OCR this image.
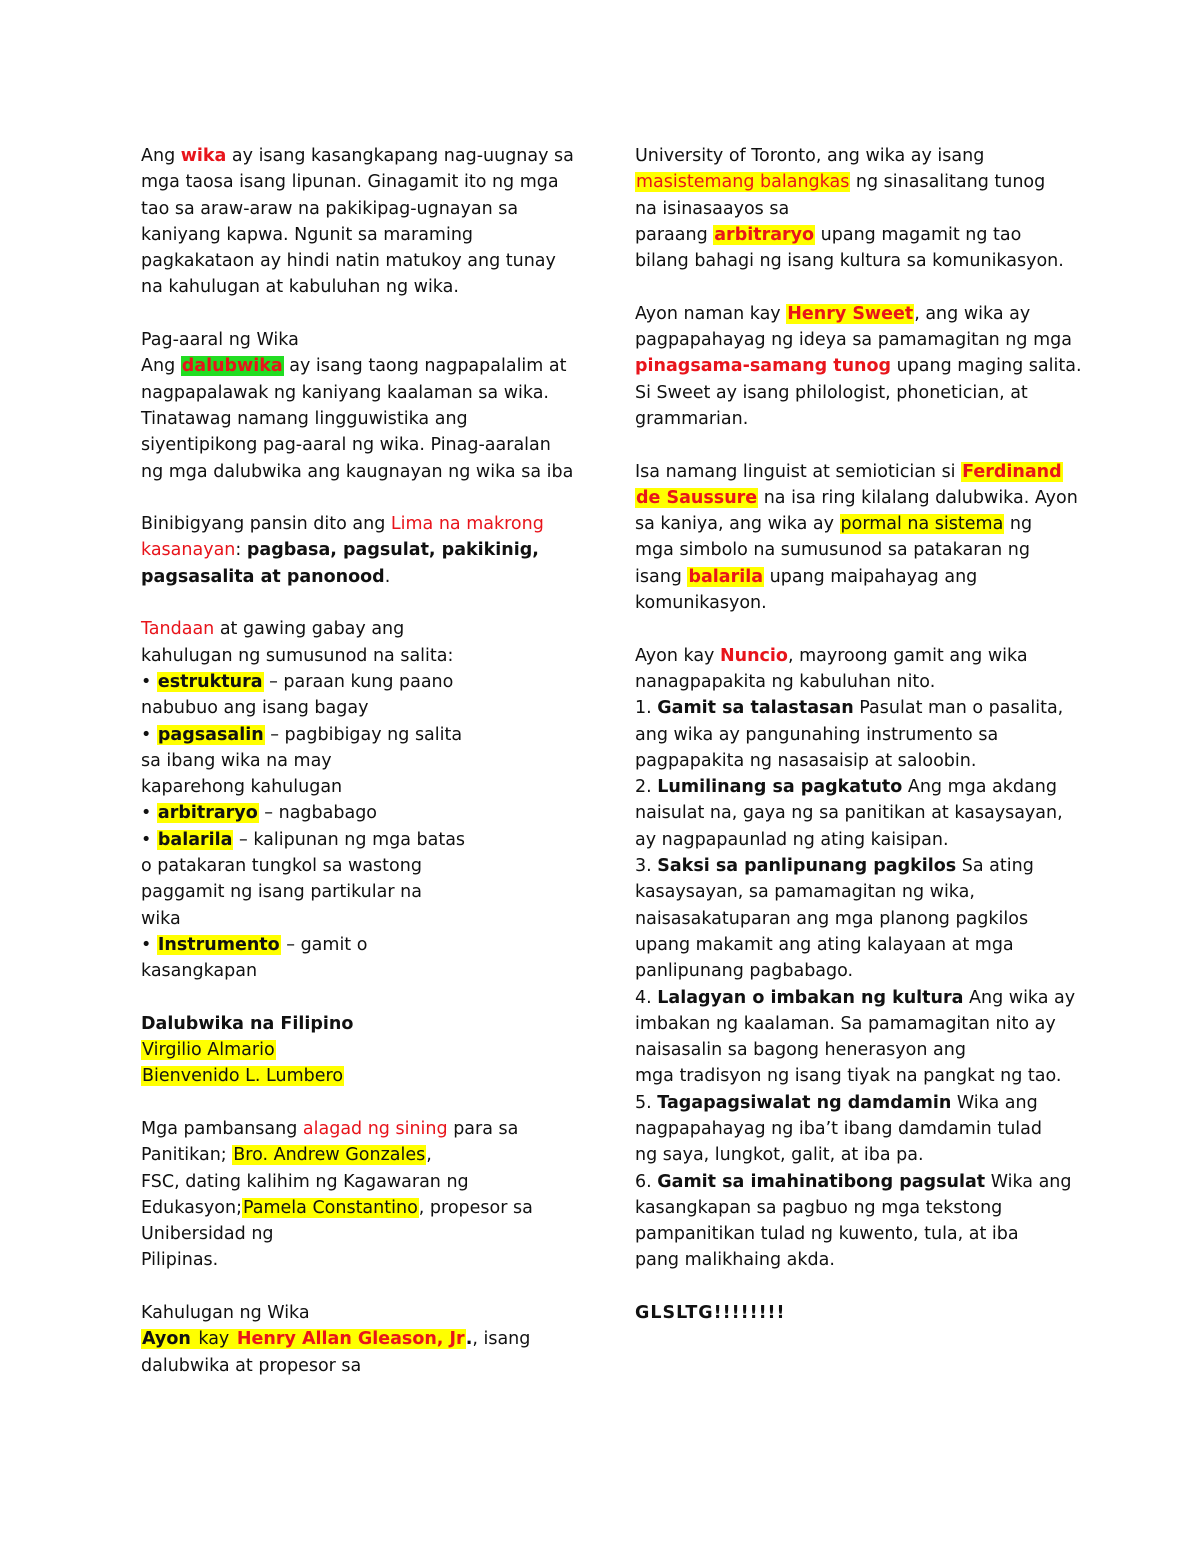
Ang wika ay isang kasangkapang nag-uugnay sa
mga taosa isang lipunan. Ginagamit ito ng mga
tao sa araw-araw na pakikipag-ugnayan sa
kaniyang kapwa. Ngunit sa maraming
pagkakataon ay hindi natin matukoy ang tunay
na kahulugan at kabuluhan ng wika.
Pag-aaral ng Wika
Ang dalubwika ay isang taong nagpapalalim at
nagpapalawak ng kaniyang kaalaman sa wika.
Tinatawag namang lingguwistika ang
siyentipikong pag-aaral ng wika. Pinag-aaralan
ng mga dalubwika ang kaugnayan ng wika sa iba
Binibigyang pansin dito ang Lima na makrong
kasanayan: pagbasa, pagsulat, pakikinig,
pagsasalita at panonood.
Tandaan at gawing gabay ang
kahulugan ng sumusunod na salita:
• estruktura – paraan kung paano
nabubuo ang isang bagay
• pagsasalin – pagbibigay ng salita
sa ibang wika na may
kaparehong kahulugan
• arbitraryo – nagbabago
• balarila – kalipunan ng mga batas
o patakaran tungkol sa wastong
paggamit ng isang partikular na
wika
• Instrumento – gamit o
kasangkapan
Dalubwika na Filipino
Virgilio Almario
Bienvenido L. Lumbero
Mga pambansang alagad ng sining para sa
Panitikan; Bro. Andrew Gonzales,
FSC, dating kalihim ng Kagawaran ng
Edukasyon;Pamela Constantino, propesor sa
Unibersidad ng
Pilipinas.
Kahulugan ng Wika
Ayon kay Henry Allan Gleason, Jr., isang
dalubwika at propesor sa
University of Toronto, ang wika ay isang
masistemang balangkas ng sinasalitang tunog
na isinasaayos sa
paraang arbitraryo upang magamit ng tao
bilang bahagi ng isang kultura sa komunikasyon.
Ayon naman kay Henry Sweet, ang wika ay
pagpapahayag ng ideya sa pamamagitan ng mga
pinagsama-samang tunog upang maging salita.
Si Sweet ay isang philologist, phonetician, at
grammarian.
Isa namang linguist at semiotician si Ferdinand
de Saussure na isa ring kilalang dalubwika. Ayon
sa kaniya, ang wika ay pormal na sistema ng
mga simbolo na sumusunod sa patakaran ng
isang balarila upang maipahayag ang
komunikasyon.
Ayon kay Nuncio, mayroong gamit ang wika
nanagpapakita ng kabuluhan nito.
1. Gamit sa talastasan Pasulat man o pasalita,
ang wika ay pangunahing instrumento sa
pagpapakita ng nasasaisip at saloobin.
2. Lumilinang sa pagkatuto Ang mga akdang
naisulat na, gaya ng sa panitikan at kasaysayan,
ay nagpapaunlad ng ating kaisipan.
3. Saksi sa panlipunang pagkilos Sa ating
kasaysayan, sa pamamagitan ng wika,
naisasakatuparan ang mga planong pagkilos
upang makamit ang ating kalayaan at mga
panlipunang pagbabago.
4. Lalagyan o imbakan ng kultura Ang wika ay
imbakan ng kaalaman. Sa pamamagitan nito ay
naisasalin sa bagong henerasyon ang
mga tradisyon ng isang tiyak na pangkat ng tao.
5. Tagapagsiwalat ng damdamin Wika ang
nagpapahayag ng iba’t ibang damdamin tulad
ng saya, lungkot, galit, at iba pa.
6. Gamit sa imahinatibong pagsulat Wika ang
kasangkapan sa pagbuo ng mga tekstong
pampanitikan tulad ng kuwento, tula, at iba
pang malikhaing akda.
GLSLTG!!!!!!!!
